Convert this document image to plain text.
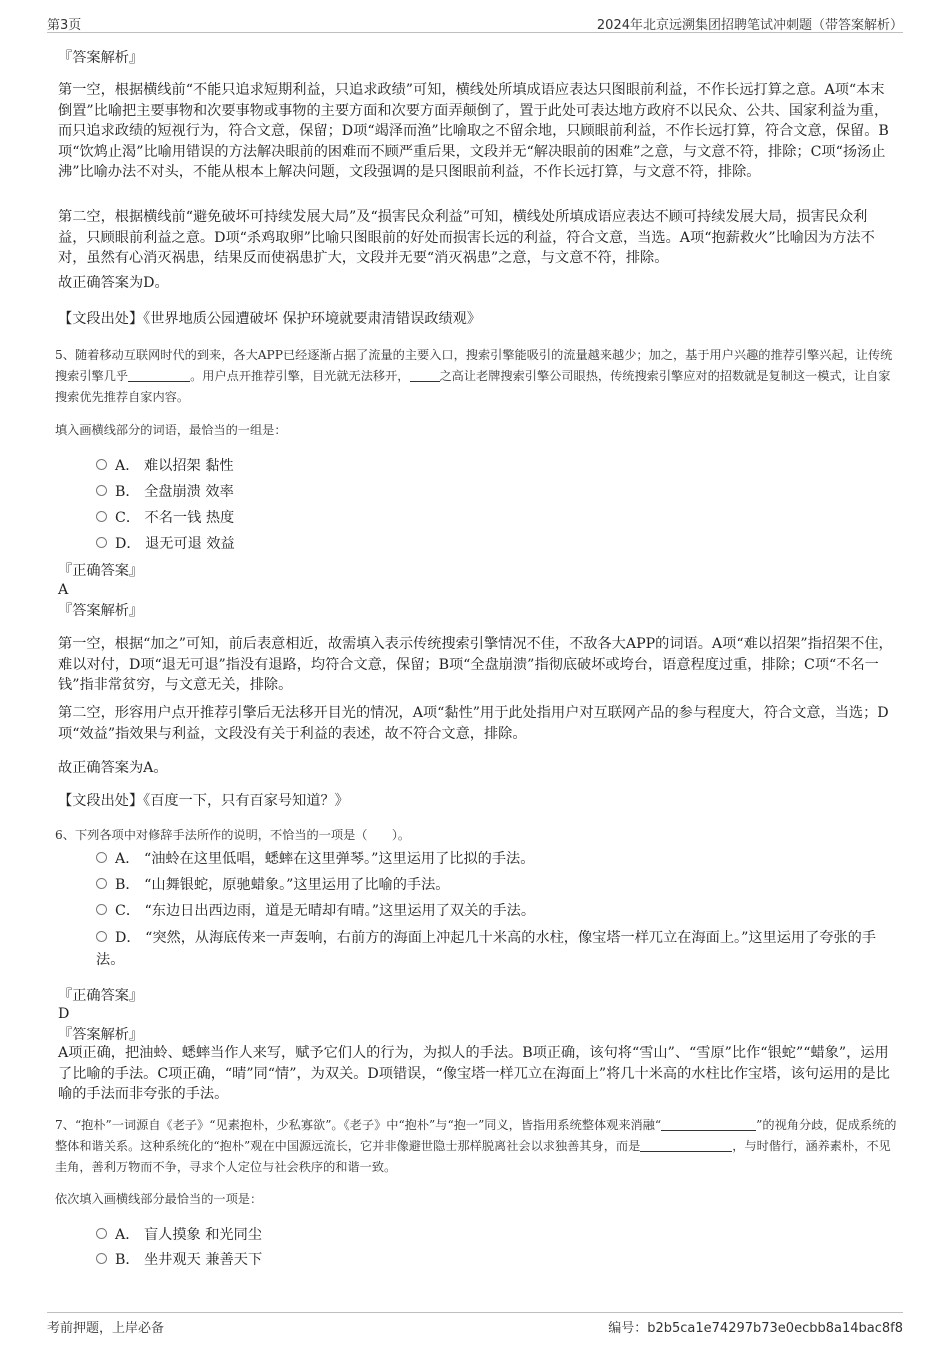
第3页	2024年北京远溯集团招聘笔试冲刺题（带答案解析）
『答案解析』
第一空，根据横线前“不能只追求短期利益，只追求政绩”可知，横线处所填成语应表达只图眼前利益，不作长远打算之意。A项“本末倒置”比喻把主要事物和次要事物或事物的主要方面和次要方面弄颠倒了，置于此处可表达地方政府不以民众、公共、国家利益为重，而只追求政绩的短视行为，符合文意，保留；D项“竭泽而渔”比喻取之不留余地，只顾眼前利益，不作长远打算，符合文意，保留。B项“饮鸩止渴”比喻用错误的方法解决眼前的困难而不顾严重后果，文段并无“解决眼前的困难”之意，与文意不符，排除；C项“扬汤止沸”比喻办法不对头，不能从根本上解决问题，文段强调的是只图眼前利益，不作长远打算，与文意不符，排除。
第二空，根据横线前“避免破坏可持续发展大局”及“损害民众利益”可知，横线处所填成语应表达不顾可持续发展大局，损害民众利益，只顾眼前利益之意。D项“杀鸡取卵”比喻只图眼前的好处而损害长远的利益，符合文意，当选。A项“抱薪救火”比喻因为方法不对，虽然有心消灭祸患，结果反而使祸患扩大，文段并无要“消灭祸患”之意，与文意不符，排除。
故正确答案为D。
【文段出处】《世界地质公园遭破坏 保护环境就要肃清错误政绩观》
5、随着移动互联网时代的到来，各大APP已经逐渐占据了流量的主要入口，搜索引擎能吸引的流量越来越少；加之，基于用户兴趣的推荐引擎兴起，让传统搜索引擎几乎	。用户点开推荐引擎，目光就无法移开， 之高让老牌搜索引擎公司眼热，传统搜索引擎应对的招数就是复制这一模式，让自家搜索优先推荐自家内容。
填入画横线部分的词语，最恰当的一组是：
A． 难以招架 黏性
B． 全盘崩溃 效率
C． 不名一钱 热度
D． 退无可退 效益
『正确答案』
A
『答案解析』
第一空，根据“加之”可知，前后表意相近，故需填入表示传统搜索引擎情况不佳，不敌各大APP的词语。A项“难以招架”指招架不住，难以对付，D项“退无可退”指没有退路，均符合文意，保留；B项“全盘崩溃”指彻底破坏或垮台，语意程度过重，排除；C项“不名一钱”指非常贫穷，与文意无关，排除。
第二空，形容用户点开推荐引擎后无法移开目光的情况，A项“黏性”用于此处指用户对互联网产品的参与程度大，符合文意，当选；D项“效益”指效果与利益，文段没有关于利益的表述，故不符合文意，排除。
故正确答案为A。
【文段出处】《百度一下，只有百家号知道？》
6、下列各项中对修辞手法所作的说明，不恰当的一项是（　　）。
A． “油蛉在这里低唱，蟋蟀在这里弹琴。”这里运用了比拟的手法。
B． “山舞银蛇，原驰蜡象。”这里运用了比喻的手法。
C． “东边日出西边雨，道是无晴却有晴。”这里运用了双关的手法。
D． “突然，从海底传来一声轰响，右前方的海面上冲起几十米高的水柱，像宝塔一样兀立在海面上。”这里运用了夸张的手法。
『正确答案』
D
『答案解析』
A项正确，把油蛉、蟋蟀当作人来写，赋予它们人的行为，为拟人的手法。B项正确，该句将“雪山”、“雪原”比作“银蛇”“蜡象”，运用了比喻的手法。C项正确，“晴”同“情”，为双关。D项错误，“像宝塔一样兀立在海面上”将几十米高的水柱比作宝塔，该句运用的是比喻的手法而非夸张的手法。
7、“抱朴”一词源自《老子》“见素抱朴，少私寡欲”。《老子》中“抱朴”与“抱一”同义，皆指用系统整体观来消融“	”的视角分歧，促成系统的整体和谐关系。这种系统化的“抱朴”观在中国源远流长，它并非像避世隐士那样脱离社会以求独善其身，而是	，与时偕行，涵养素朴，不见圭角，善利万物而不争，寻求个人定位与社会秩序的和谐一致。
依次填入画横线部分最恰当的一项是：
A． 盲人摸象 和光同尘
B． 坐井观天 兼善天下
考前押题，上岸必备	编号：b2b5ca1e74297b73e0ecbb8a14bac8f8
